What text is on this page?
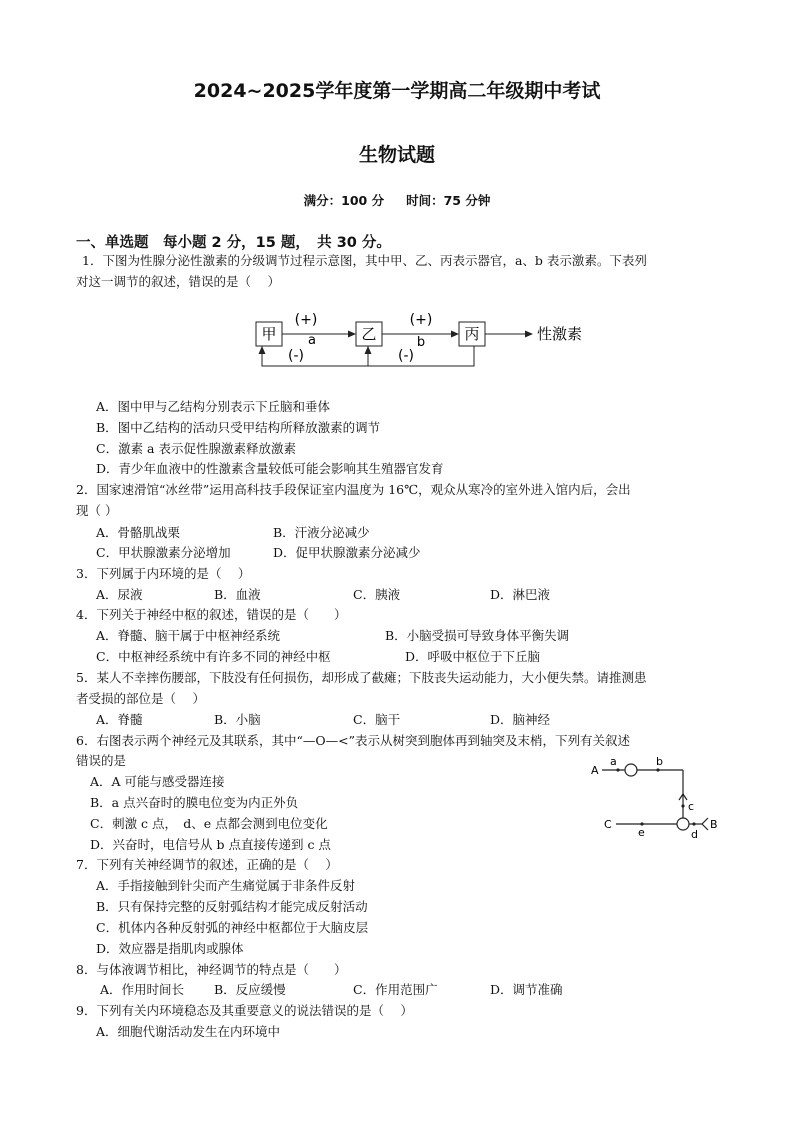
2024~2025学年度第一学期高二年级期中考试
生物试题
满分：100 分 时间：75 分钟
一、单选题　每小题 2 分，15 题，　共 30 分。
1．下图为性腺分泌性激素的分级调节过程示意图，其中甲、乙、丙表示器官，a、b 表示激素。下表列
对这一调节的叙述，错误的是（　 ）
甲	乙	丙
(+)	(+)
a	b
(-)	(-)
性激素
A．图中甲与乙结构分别表示下丘脑和垂体
B．图中乙结构的活动只受甲结构所释放激素的调节
C．激素 a 表示促性腺激素释放激素
D．青少年血液中的性激素含量较低可能会影响其生殖器官发育
2．国家速滑馆“冰丝带”运用高科技手段保证室内温度为 16℃，观众从寒冷的室外进入馆内后，会出
现（ ）
A．骨骼肌战栗	B．汗液分泌减少
C．甲状腺激素分泌增加	D．促甲状腺激素分泌减少
3．下列属于内环境的是（　 ）
A．尿液	B．血液	C．胰液	D．淋巴液
4．下列关于神经中枢的叙述，错误的是（　　）
A．脊髓、脑干属于中枢神经系统	B．小脑受损可导致身体平衡失调
C．中枢神经系统中有许多不同的神经中枢	D．呼吸中枢位于下丘脑
5．某人不幸摔伤腰部，下肢没有任何损伤，却形成了截瘫；下肢丧失运动能力，大小便失禁。请推测患
者受损的部位是（　 ）
A．脊髓	B．小脑	C．脑干	D．脑神经
6．右图表示两个神经元及其联系，其中“—O—<”表示从树突到胞体再到轴突及末梢，下列有关叙述
错误的是
A．A 可能与感受器连接
B．a 点兴奋时的膜电位变为内正外负
C．刺激 c 点，　d、e 点都会测到电位变化
D．兴奋时，电信号从 b 点直接传递到 c 点
A
a	b
c
C
e	d
B
7．下列有关神经调节的叙述，正确的是（　 ）
A．手指接触到针尖而产生痛觉属于非条件反射
B．只有保持完整的反射弧结构才能完成反射活动
C．机体内各种反射弧的神经中枢都位于大脑皮层
D．效应器是指肌肉或腺体
8．与体液调节相比，神经调节的特点是（　　）
A．作用时间长 B．反应缓慢	C．作用范围广	D．调节准确
9．下列有关内环境稳态及其重要意义的说法错误的是（　 ）
A．细胞代谢活动发生在内环境中
